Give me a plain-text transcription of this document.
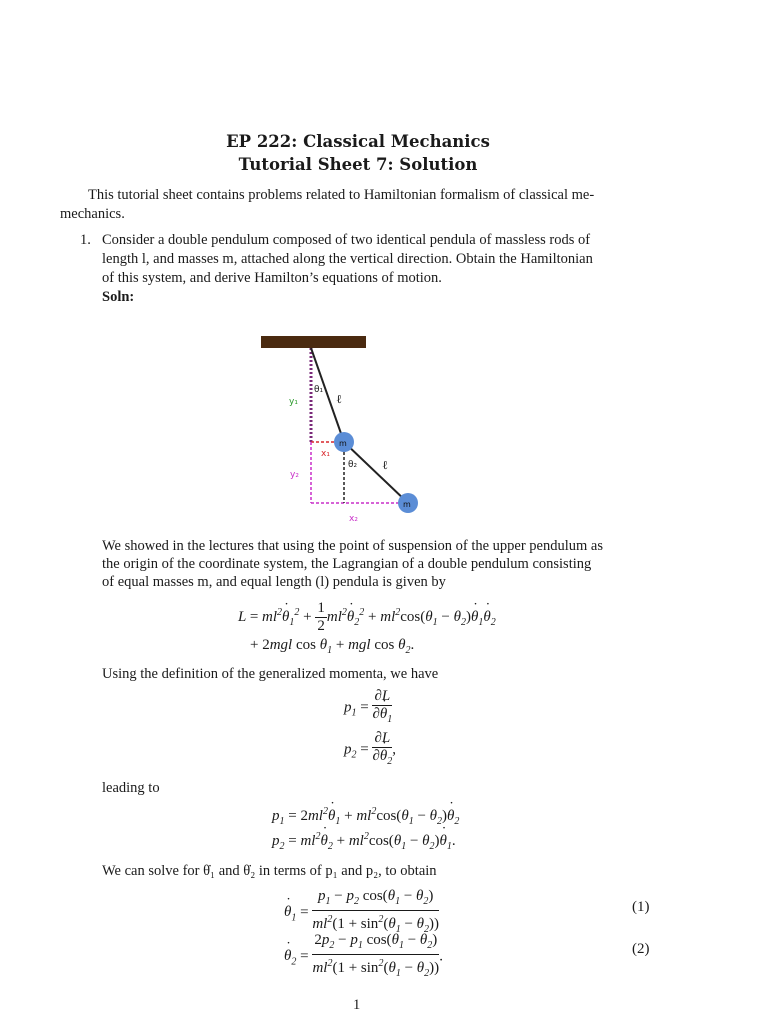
EP 222: Classical Mechanics
Tutorial Sheet 7: Solution
This tutorial sheet contains problems related to Hamiltonian formalism of classical me-
mechanics.
1. Consider a double pendulum composed of two identical pendula of massless rods of
length l, and masses m, attached along the vertical direction. Obtain the Hamiltonian
of this system, and derive Hamilton’s equations of motion.
Soln:
θ₁
ℓ
y₁
m
x₁
θ₂ ℓ
y₂
m
x₂
We showed in the lectures that using the point of suspension of the upper pendulum as
the origin of the coordinate system, the Lagrangian of a double pendulum consisting
of equal masses m, and equal length (l) pendula is given by
$L = ml^2˙$ $\theta_1^2 + \frac{1}{2}$ $ml^2˙$ $\theta_2^2 + ml^2\cos(\theta_1$ − $\theta_2)˙$ $\theta_1˙$ $\theta_2$
+ 2mgl $\cos \theta_1$ + mgl $\cos \theta_2$.
Using the definition of the generalized momenta, we have
$p_1 = \frac{\partial L}{\partial˙ \theta_1}$
$p_2 = \frac{\partial L}{\partial˙ \theta_2}$ ,
leading to
$p_1$ = $2ml^2˙$ $\theta_1 + ml^2\cos(\theta_1$ − $\theta_2)˙$ $\theta_2$
$p_2$ = $ml^2˙$ $\theta_2 + ml^2\cos(\theta_1$ − $\theta_2)˙$ $\theta_1$.
We can solve for θ̇₁ and θ̇₂ in terms of p₁ and p₂, to obtain
˙ $\theta_1 = \frac{p_1 - p_2 \cos(\theta_1 - \theta_2)}{ml^2(1 + \sin^2(\theta_1 - \theta_2))}$	(1)
˙ $\theta_2 = \frac{2p_2 - p_1 \cos(\theta_1 - \theta_2)}{ml^2(1 + \sin^2(\theta_1 - \theta_2))}$ .	(2)
1
